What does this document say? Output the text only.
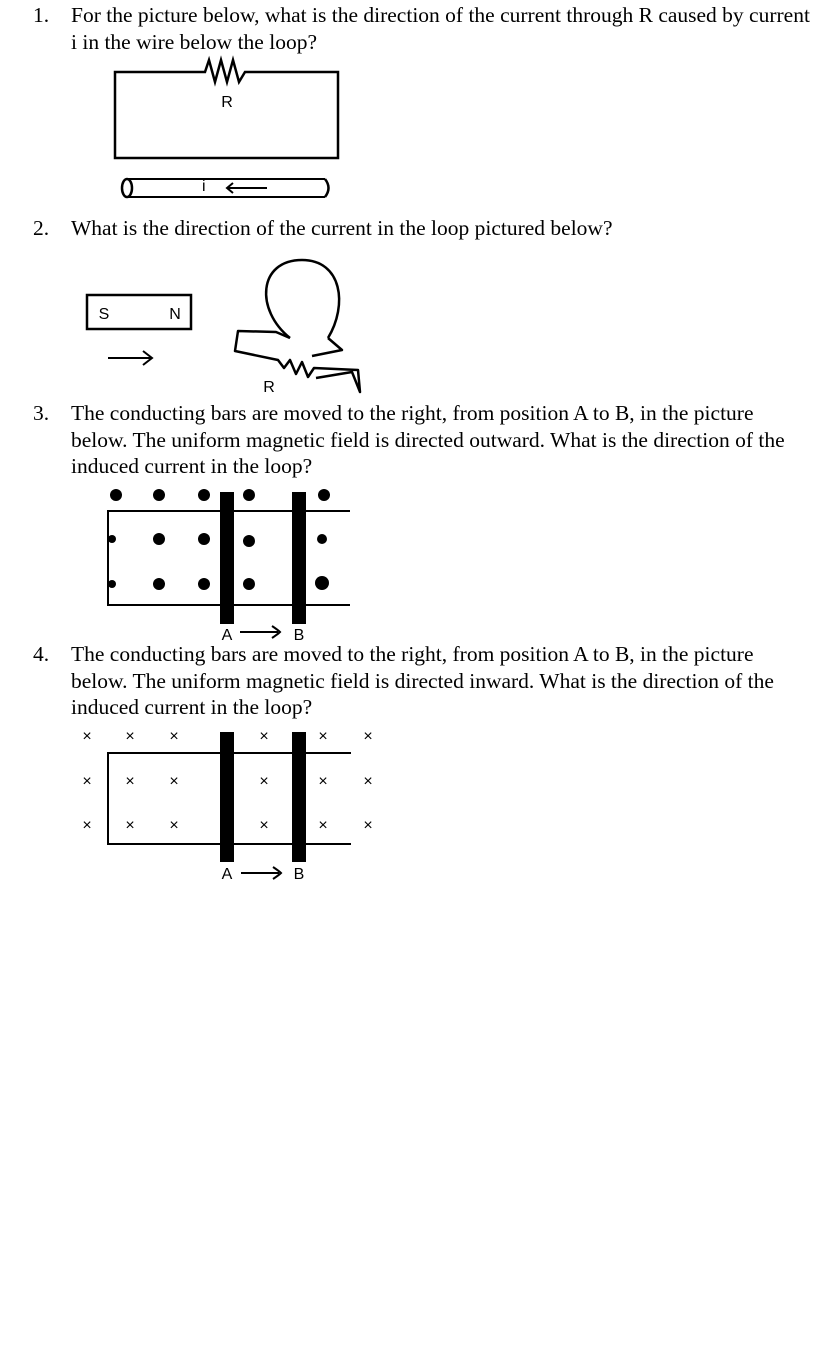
1. For the picture below, what is the direction of the current through R caused by current i in the wire below the loop?
R
i
2. What is the direction of the current in the loop pictured below?
S	N
R
3. The conducting bars are moved to the right, from position A to B, in the picture below. The uniform magnetic field is directed outward. What is the direction of the induced current in the loop?
A	B
4. The conducting bars are moved to the right, from position A to B, in the picture below. The uniform magnetic field is directed inward. What is the direction of the induced current in the loop?
× × ×	×	× ×
× × ×	×	× ×
× × ×	×	× ×
A	B
